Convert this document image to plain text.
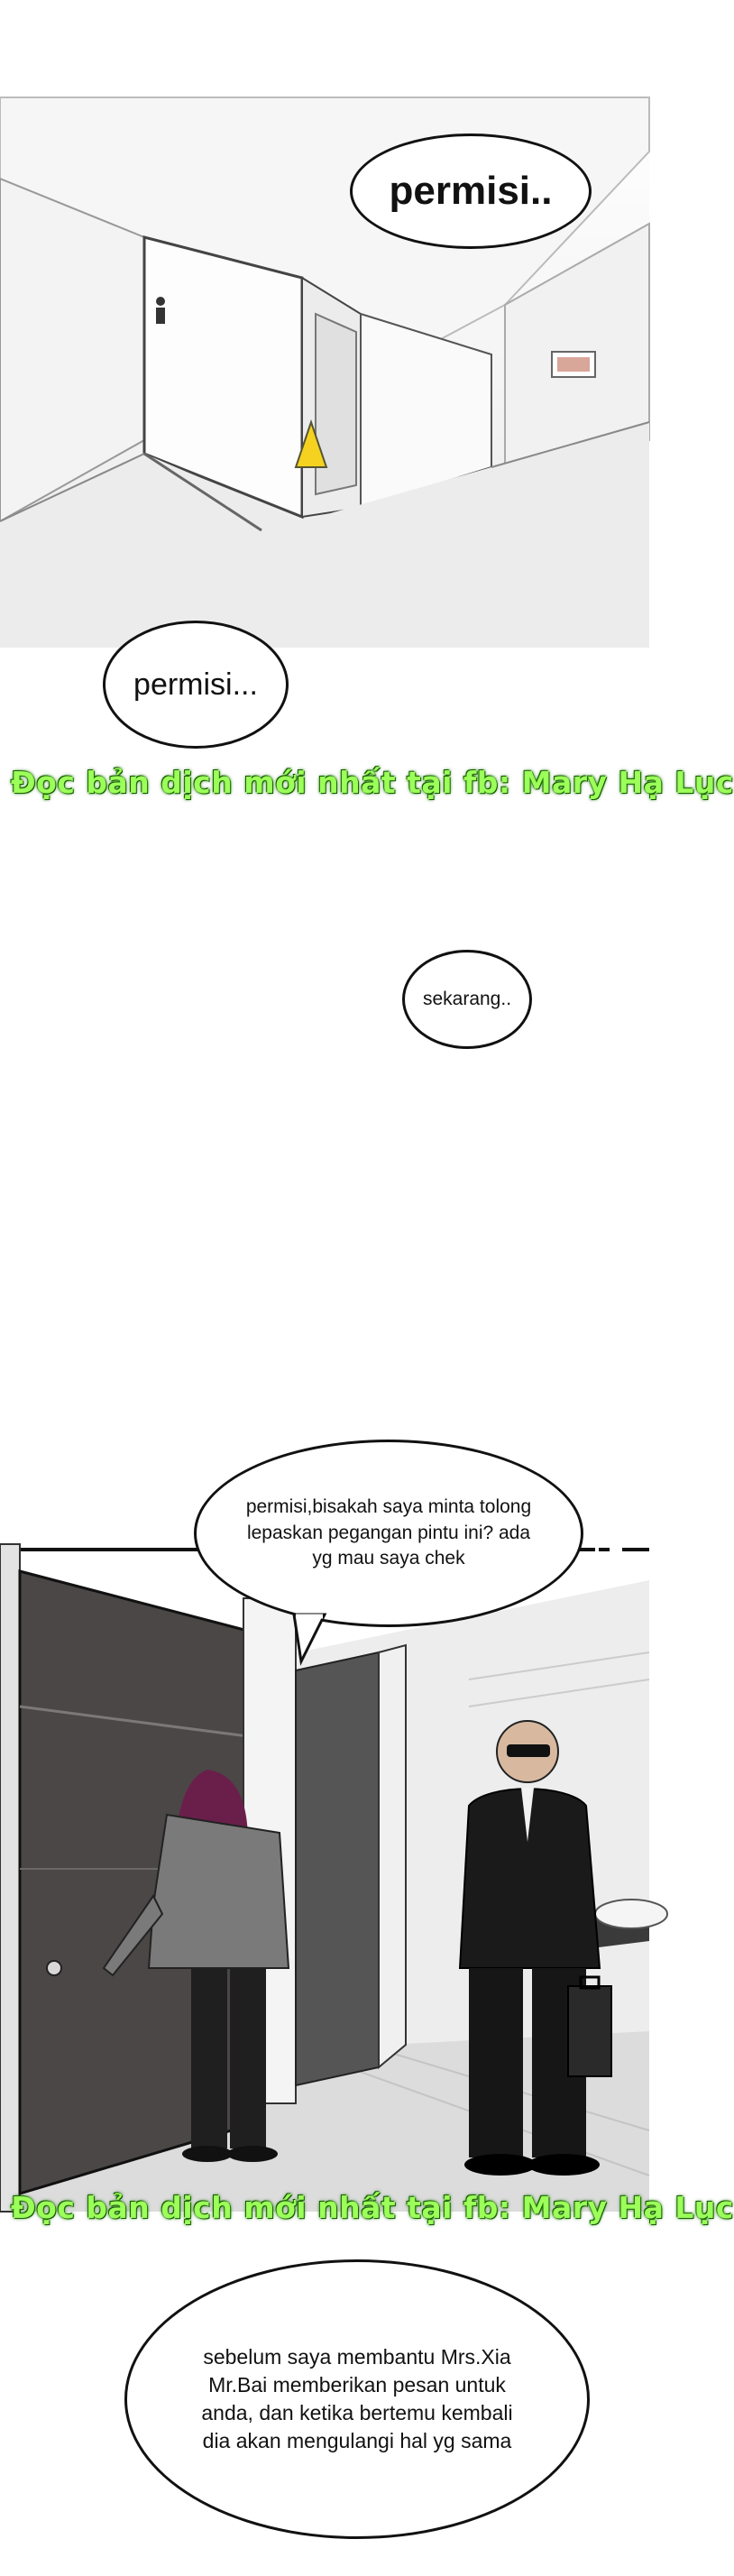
permisi..
permisi...
Đọc bản dịch mới nhất tại fb: Mary Hạ Lục
sekarang..
permisi,bisakah saya minta tolong lepaskan pegangan pintu ini? ada yg mau saya chek
Đọc bản dịch mới nhất tại fb: Mary Hạ Lục
sebelum saya membantu Mrs.Xia Mr.Bai memberikan pesan untuk anda, dan ketika bertemu kembali dia akan mengulangi hal yg sama
